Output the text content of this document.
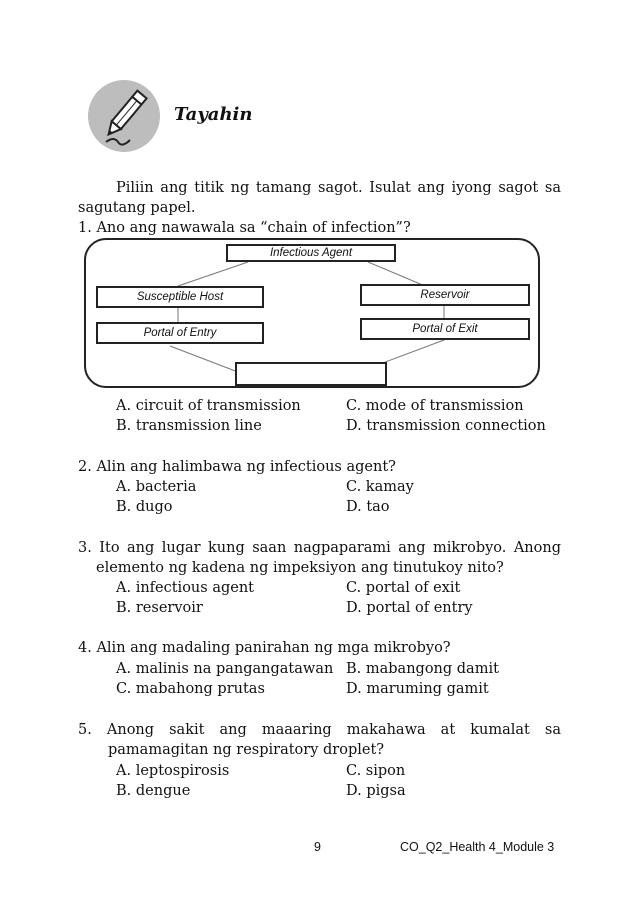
Tayahin
Piliin ang titik ng tamang sagot. Isulat ang iyong sagot sa
sagutang papel.
1. Ano ang nawawala sa “chain of infection”?
Infectious Agent
Susceptible Host	Reservoir
Portal of Entry	Portal of Exit
A. circuit of transmission	C. mode of transmission
B. transmission line	D. transmission connection
2. Alin ang halimbawa ng infectious agent?
A. bacteria	C. kamay
B. dugo	D. tao
3. Ito ang lugar kung saan nagpaparami ang mikrobyo. Anong
elemento ng kadena ng impeksiyon ang tinutukoy nito?
A. infectious agent	C. portal of exit
B. reservoir	D. portal of entry
4. Alin ang madaling panirahan ng mga mikrobyo?
A. malinis na pangangatawan B. mabangong damit
C. mabahong prutas	D. maruming gamit
5. Anong sakit ang maaaring makahawa at kumalat sa
pamamagitan ng respiratory droplet?
A. leptospirosis	C. sipon
B. dengue	D. pigsa
9	CO_Q2_Health 4_Module 3
